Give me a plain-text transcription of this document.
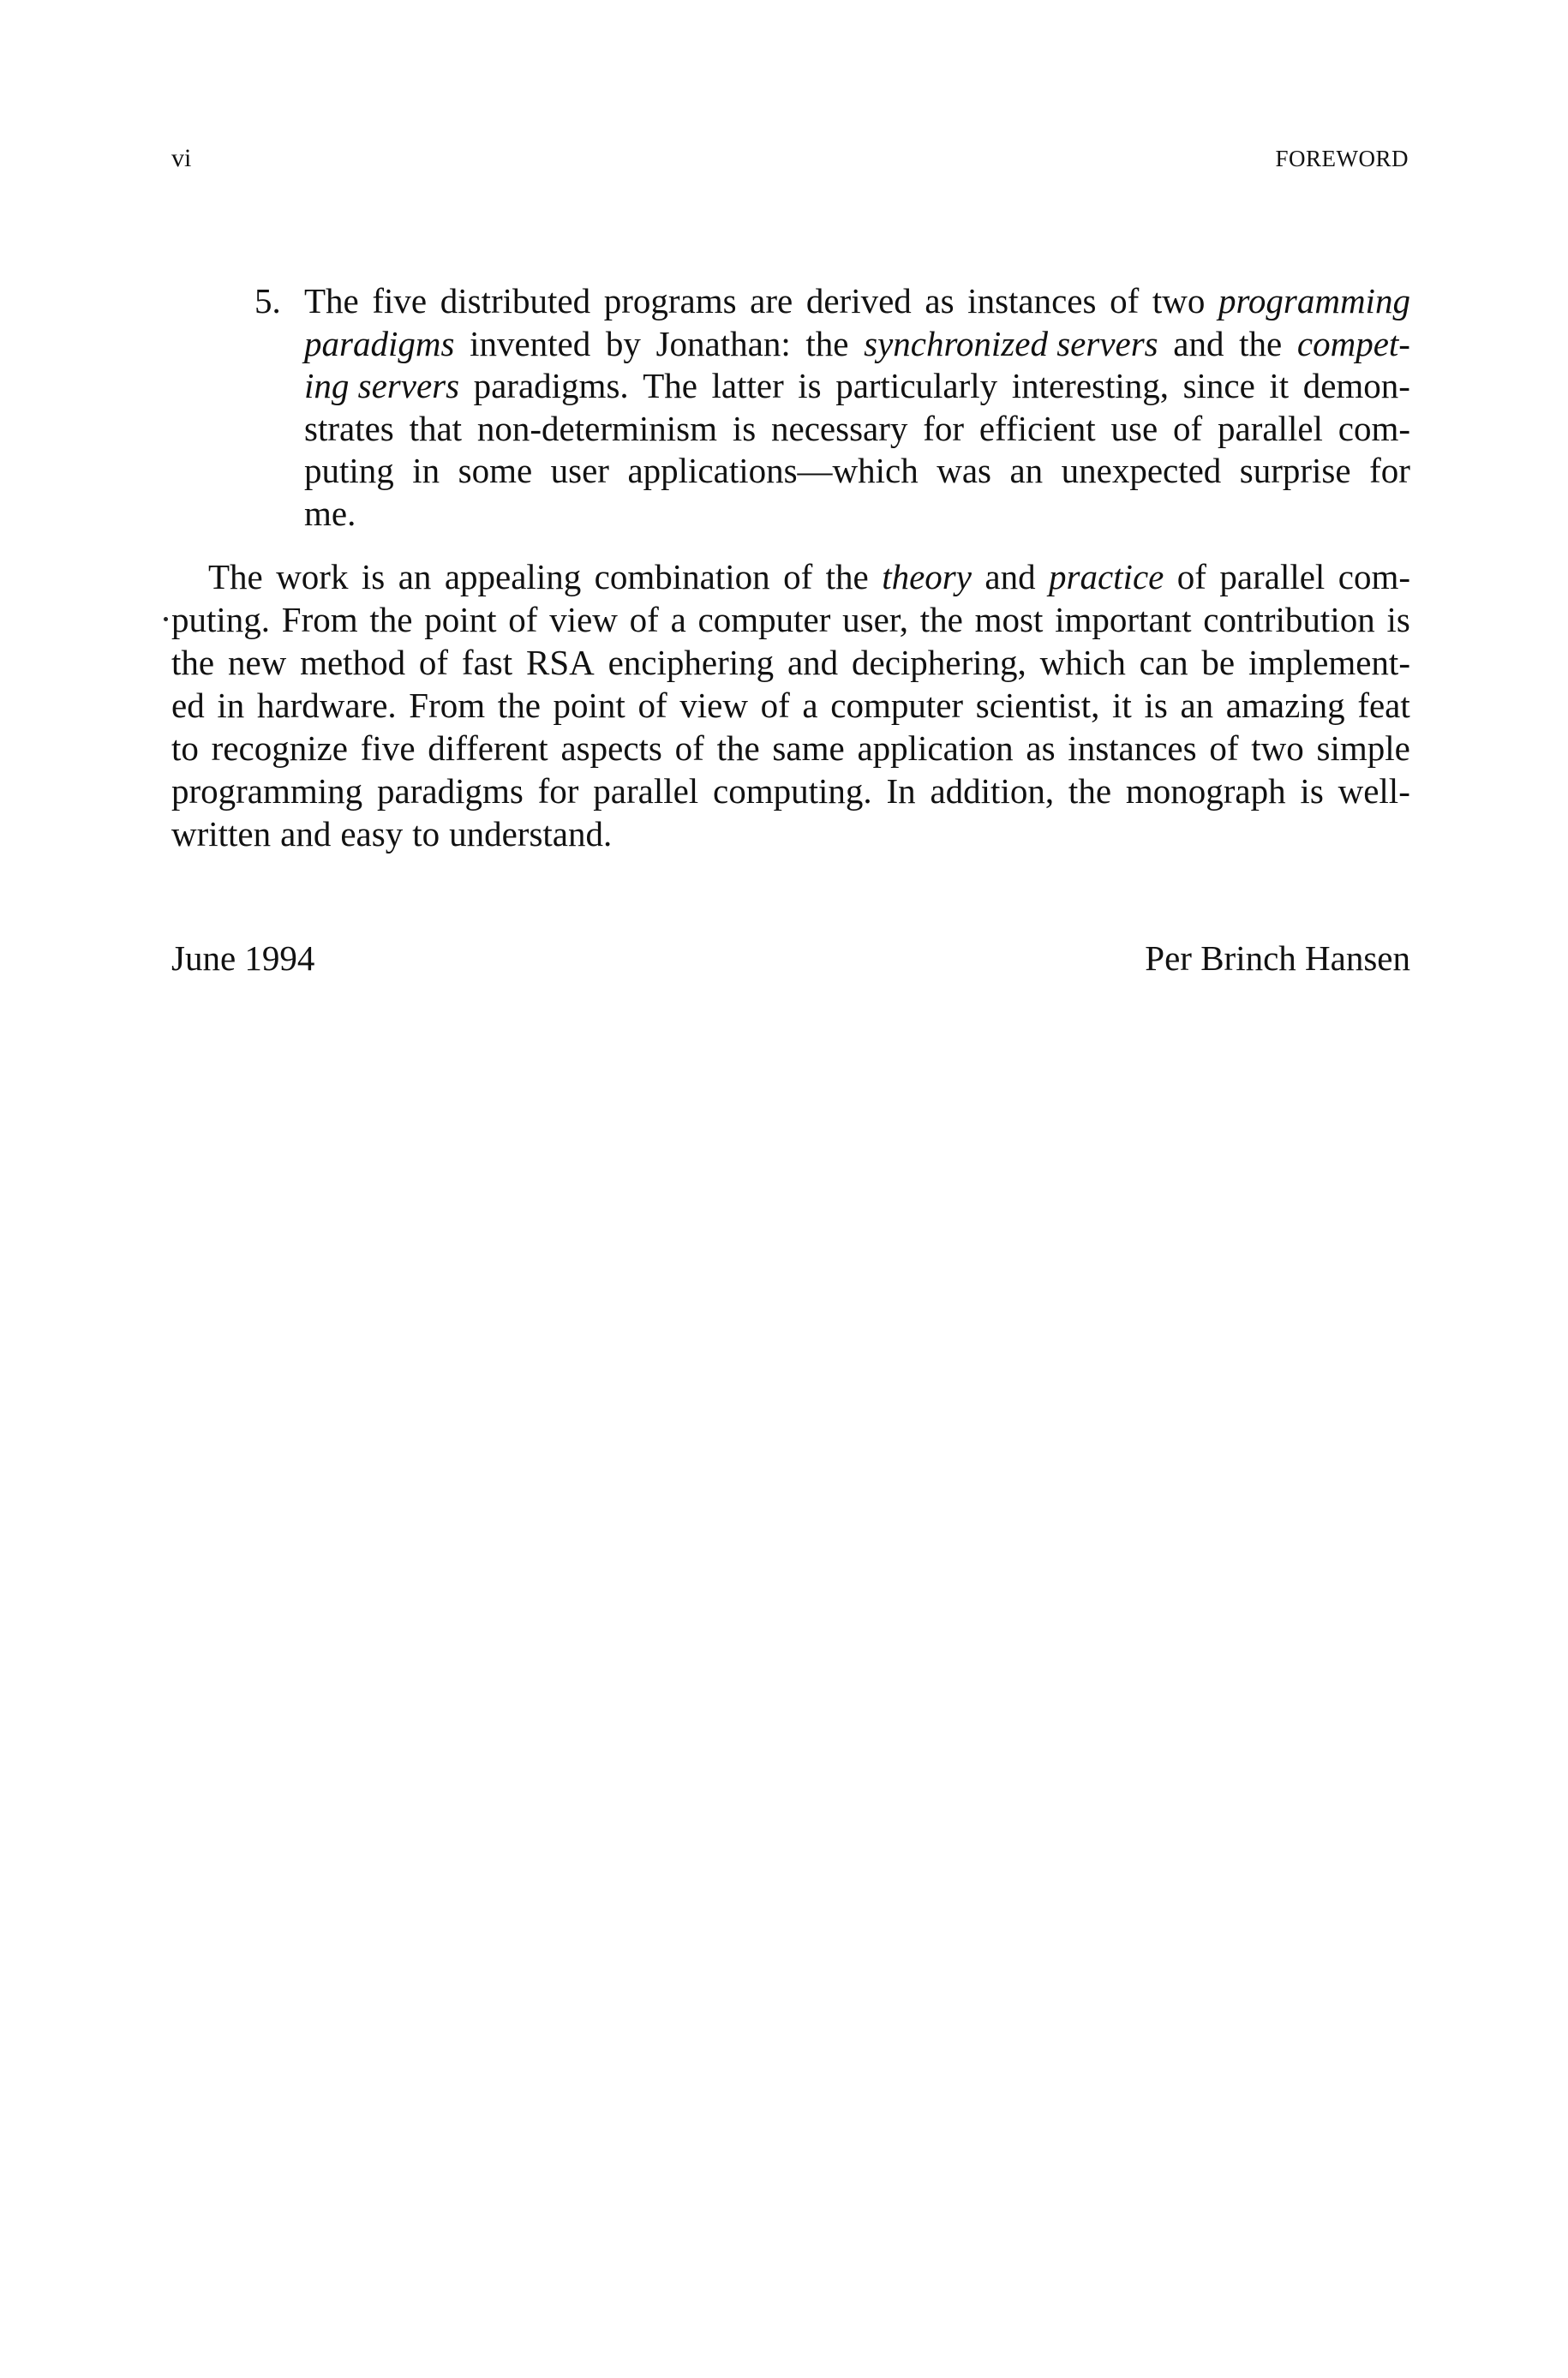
vi	FOREWORD
5. The five distributed programs are derived as instances of two programming
paradigms invented by Jonathan: the synchronized servers and the compet-
ing servers paradigms. The latter is particularly interesting, since it demon-
strates that non-determinism is necessary for efficient use of parallel com-
puting in some user applications—which was an unexpected surprise for
me.
The work is an appealing combination of the theory and practice of parallel com-
puting. From the point of view of a computer user, the most important contribution is
the new method of fast RSA enciphering and deciphering, which can be implement-
ed in hardware. From the point of view of a computer scientist, it is an amazing feat
to recognize five different aspects of the same application as instances of two simple
programming paradigms for parallel computing. In addition, the monograph is well-
written and easy to understand.
June 1994	Per Brinch Hansen
